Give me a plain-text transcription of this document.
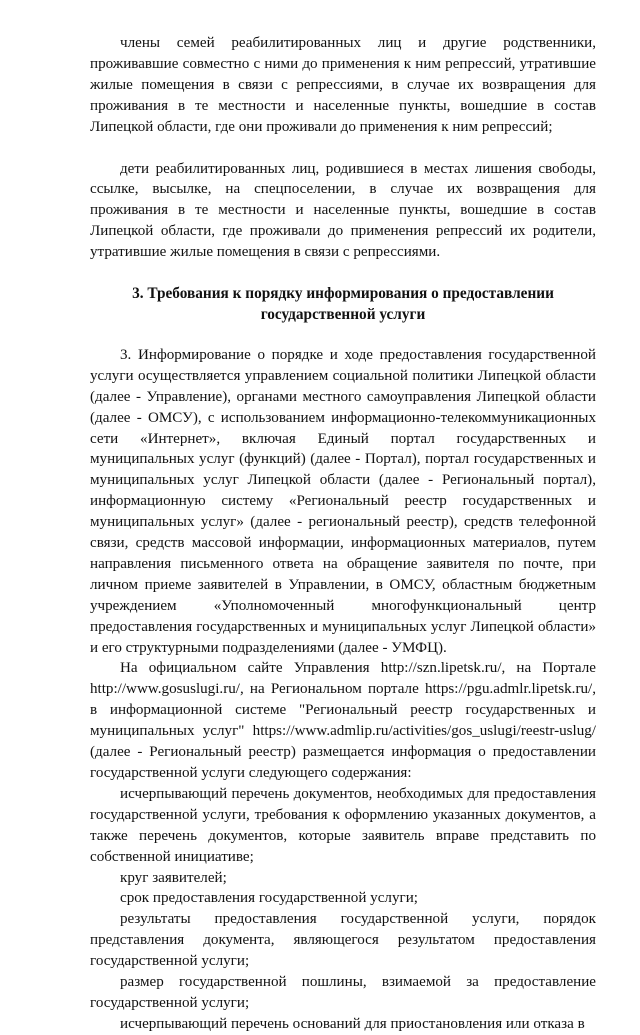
члены семей реабилитированных лиц и другие родственники, проживавшие совместно с ними до применения к ним репрессий, утратившие жилые помещения в связи с репрессиями, в случае их возвращения для проживания в те местности и населенные пункты, вошедшие в состав Липецкой области, где они проживали до применения к ним репрессий;

дети реабилитированных лиц, родившиеся в местах лишения свободы, ссылке, высылке, на спецпоселении, в случае их возвращения для проживания в те местности и населенные пункты, вошедшие в состав Липецкой области, где проживали до применения репрессий их родители, утратившие жилые помещения в связи с репрессиями.

3. Требования к порядку информирования о предоставлении государственной услуги

3. Информирование о порядке и ходе предоставления государственной услуги осуществляется управлением социальной политики Липецкой области (далее - Управление), органами местного самоуправления Липецкой области (далее - ОМСУ), с использованием информационно-телекоммуникационных сети «Интернет», включая Единый портал государственных и муниципальных услуг (функций) (далее - Портал), портал государственных и муниципальных услуг Липецкой области (далее - Региональный портал), информационную систему «Региональный реестр государственных и муниципальных услуг» (далее - региональный реестр), средств телефонной связи, средств массовой информации, информационных материалов, путем направления письменного ответа на обращение заявителя по почте, при личном приеме заявителей в Управлении, в ОМСУ, областным бюджетным учреждением «Уполномоченный многофункциональный центр предоставления государственных и муниципальных услуг Липецкой области» и его структурными подразделениями (далее - УМФЦ).

На официальном сайте Управления http://szn.lipetsk.ru/, на Портале http://www.gosuslugi.ru/, на Региональном портале https://pgu.admlr.lipetsk.ru/, в информационной системе "Региональный реестр государственных и муниципальных услуг" https://www.admlip.ru/activities/gos_uslugi/reestr-uslug/ (далее - Региональный реестр) размещается информация о предоставлении государственной услуги следующего содержания:

исчерпывающий перечень документов, необходимых для предоставления государственной услуги, требования к оформлению указанных документов, а также перечень документов, которые заявитель вправе представить по собственной инициативе;

круг заявителей;

срок предоставления государственной услуги;

результаты предоставления государственной услуги, порядок представления документа, являющегося результатом предоставления государственной услуги;

размер государственной пошлины, взимаемой за предоставление государственной услуги;

исчерпывающий перечень оснований для приостановления или отказа в
